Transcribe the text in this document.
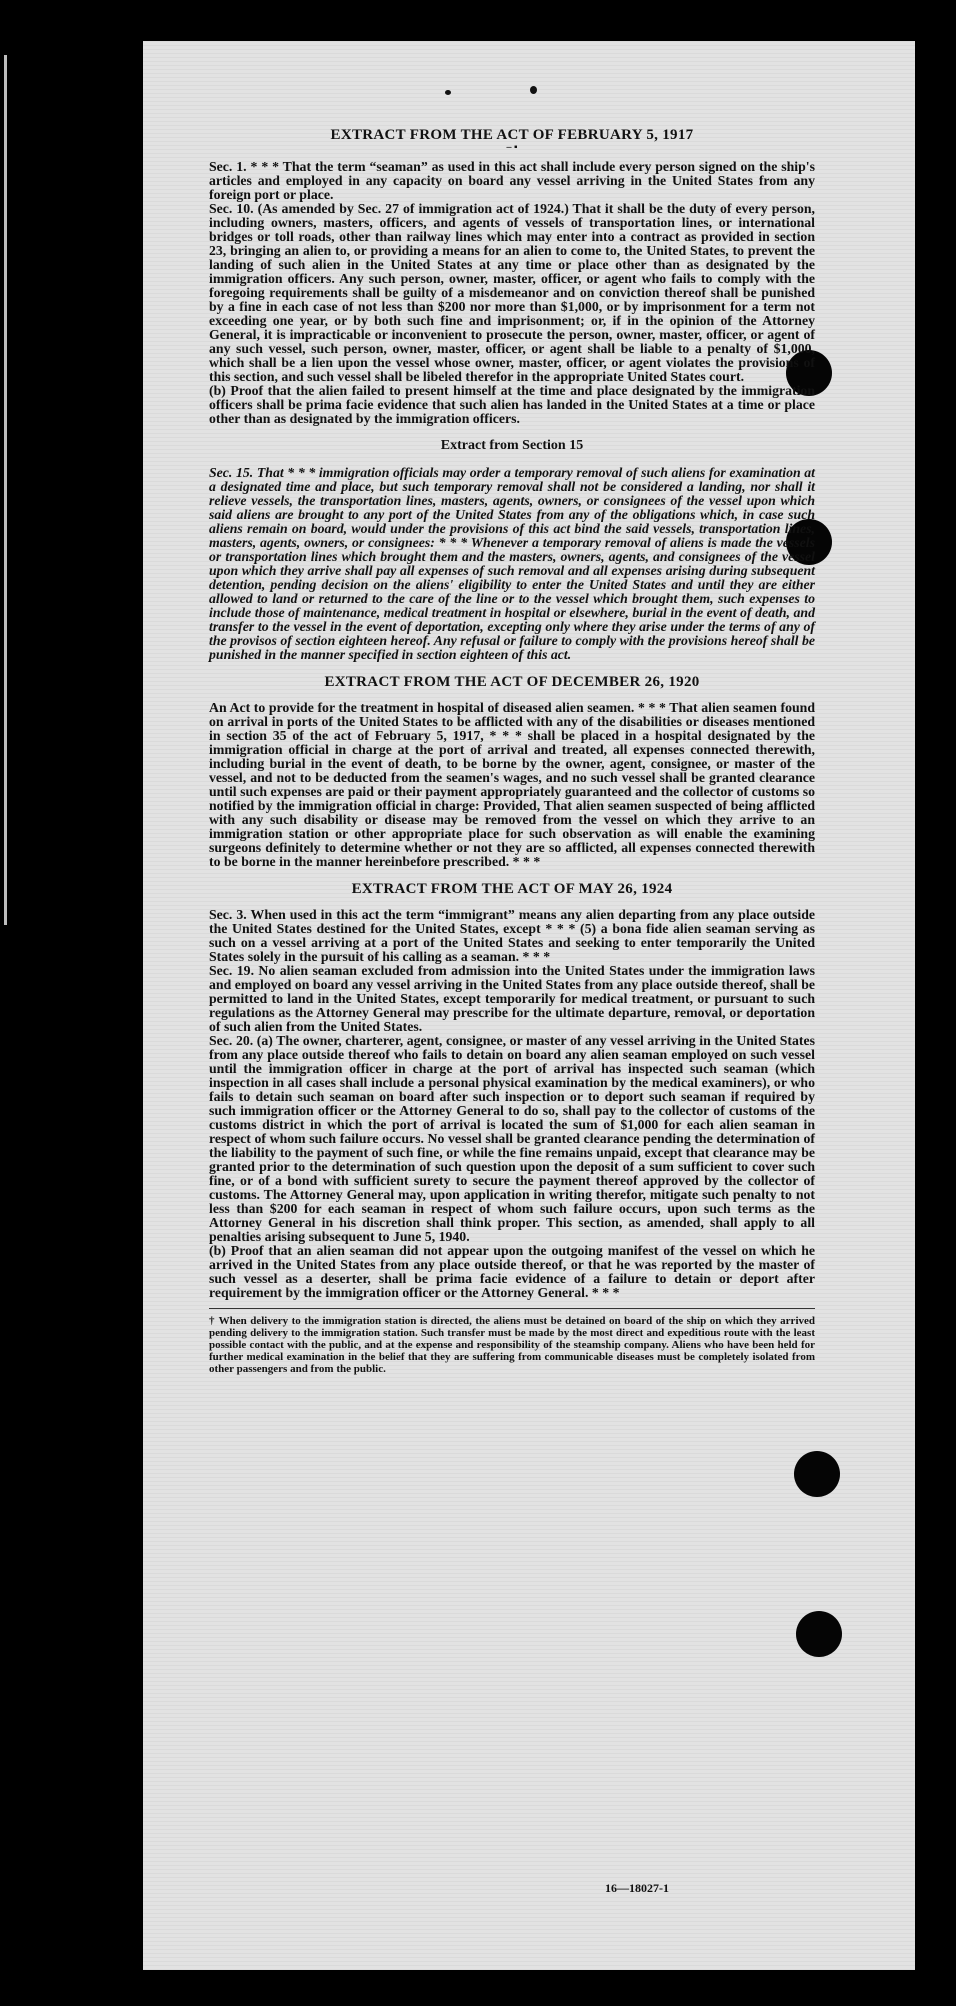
EXTRACT FROM THE ACT OF FEBRUARY 5, 1917
‒ ▪

Sec. 1. * * * That the term “seaman” as used in this act shall include every person signed on the ship's articles and employed in any capacity on board any vessel arriving in the United States from any foreign port or place.

Sec. 10. (As amended by Sec. 27 of immigration act of 1924.) That it shall be the duty of every person, including owners, masters, officers, and agents of vessels of transportation lines, or international bridges or toll roads, other than railway lines which may enter into a contract as provided in section 23, bringing an alien to, or providing a means for an alien to come to, the United States, to prevent the landing of such alien in the United States at any time or place other than as designated by the immigration officers. Any such person, owner, master, officer, or agent who fails to comply with the foregoing requirements shall be guilty of a misdemeanor and on conviction thereof shall be punished by a fine in each case of not less than $200 nor more than $1,000, or by imprisonment for a term not exceeding one year, or by both such fine and imprisonment; or, if in the opinion of the Attorney General, it is impracticable or inconvenient to prosecute the person, owner, master, officer, or agent of any such vessel, such person, owner, master, officer, or agent shall be liable to a penalty of $1,000, which shall be a lien upon the vessel whose owner, master, officer, or agent violates the provisions of this section, and such vessel shall be libeled therefor in the appropriate United States court.

(b) Proof that the alien failed to present himself at the time and place designated by the immigration officers shall be prima facie evidence that such alien has landed in the United States at a time or place other than as designated by the immigration officers.

Extract from Section 15

Sec. 15. That * * * immigration officials may order a temporary removal of such aliens for examination at a designated time and place, but such temporary removal shall not be considered a landing, nor shall it relieve vessels, the transportation lines, masters, agents, owners, or consignees of the vessel upon which said aliens are brought to any port of the United States from any of the obligations which, in case such aliens remain on board, would under the provisions of this act bind the said vessels, transportation lines, masters, agents, owners, or consignees: * * * Whenever a temporary removal of aliens is made the vessels or transportation lines which brought them and the masters, owners, agents, and consignees of the vessel upon which they arrive shall pay all expenses of such removal and all expenses arising during subsequent detention, pending decision on the aliens' eligibility to enter the United States and until they are either allowed to land or returned to the care of the line or to the vessel which brought them, such expenses to include those of maintenance, medical treatment in hospital or elsewhere, burial in the event of death, and transfer to the vessel in the event of deportation, excepting only where they arise under the terms of any of the provisos of section eighteen hereof. Any refusal or failure to comply with the provisions hereof shall be punished in the manner specified in section eighteen of this act.

EXTRACT FROM THE ACT OF DECEMBER 26, 1920

An Act to provide for the treatment in hospital of diseased alien seamen. * * * That alien seamen found on arrival in ports of the United States to be afflicted with any of the disabilities or diseases mentioned in section 35 of the act of February 5, 1917, * * * shall be placed in a hospital designated by the immigration official in charge at the port of arrival and treated, all expenses connected therewith, including burial in the event of death, to be borne by the owner, agent, consignee, or master of the vessel, and not to be deducted from the seamen's wages, and no such vessel shall be granted clearance until such expenses are paid or their payment appropriately guaranteed and the collector of customs so notified by the immigration official in charge: Provided, That alien seamen suspected of being afflicted with any such disability or disease may be removed from the vessel on which they arrive to an immigration station or other appropriate place for such observation as will enable the examining surgeons definitely to determine whether or not they are so afflicted, all expenses connected therewith to be borne in the manner hereinbefore prescribed. * * *

EXTRACT FROM THE ACT OF MAY 26, 1924

Sec. 3. When used in this act the term “immigrant” means any alien departing from any place outside the United States destined for the United States, except * * * (5) a bona fide alien seaman serving as such on a vessel arriving at a port of the United States and seeking to enter temporarily the United States solely in the pursuit of his calling as a seaman. * * *

Sec. 19. No alien seaman excluded from admission into the United States under the immigration laws and employed on board any vessel arriving in the United States from any place outside thereof, shall be permitted to land in the United States, except temporarily for medical treatment, or pursuant to such regulations as the Attorney General may prescribe for the ultimate departure, removal, or deportation of such alien from the United States.

Sec. 20. (a) The owner, charterer, agent, consignee, or master of any vessel arriving in the United States from any place outside thereof who fails to detain on board any alien seaman employed on such vessel until the immigration officer in charge at the port of arrival has inspected such seaman (which inspection in all cases shall include a personal physical examination by the medical examiners), or who fails to detain such seaman on board after such inspection or to deport such seaman if required by such immigration officer or the Attorney General to do so, shall pay to the collector of customs of the customs district in which the port of arrival is located the sum of $1,000 for each alien seaman in respect of whom such failure occurs. No vessel shall be granted clearance pending the determination of the liability to the payment of such fine, or while the fine remains unpaid, except that clearance may be granted prior to the determination of such question upon the deposit of a sum sufficient to cover such fine, or of a bond with sufficient surety to secure the payment thereof approved by the collector of customs. The Attorney General may, upon application in writing therefor, mitigate such penalty to not less than $200 for each seaman in respect of whom such failure occurs, upon such terms as the Attorney General in his discretion shall think proper. This section, as amended, shall apply to all penalties arising subsequent to June 5, 1940.

(b) Proof that an alien seaman did not appear upon the outgoing manifest of the vessel on which he arrived in the United States from any place outside thereof, or that he was reported by the master of such vessel as a deserter, shall be prima facie evidence of a failure to detain or deport after requirement by the immigration officer or the Attorney General. * * *

† When delivery to the immigration station is directed, the aliens must be detained on board of the ship on which they arrived pending delivery to the immigration station. Such transfer must be made by the most direct and expeditious route with the least possible contact with the public, and at the expense and responsibility of the steamship company. Aliens who have been held for further medical examination in the belief that they are suffering from communicable diseases must be completely isolated from other passengers and from the public.

16—18027-1
